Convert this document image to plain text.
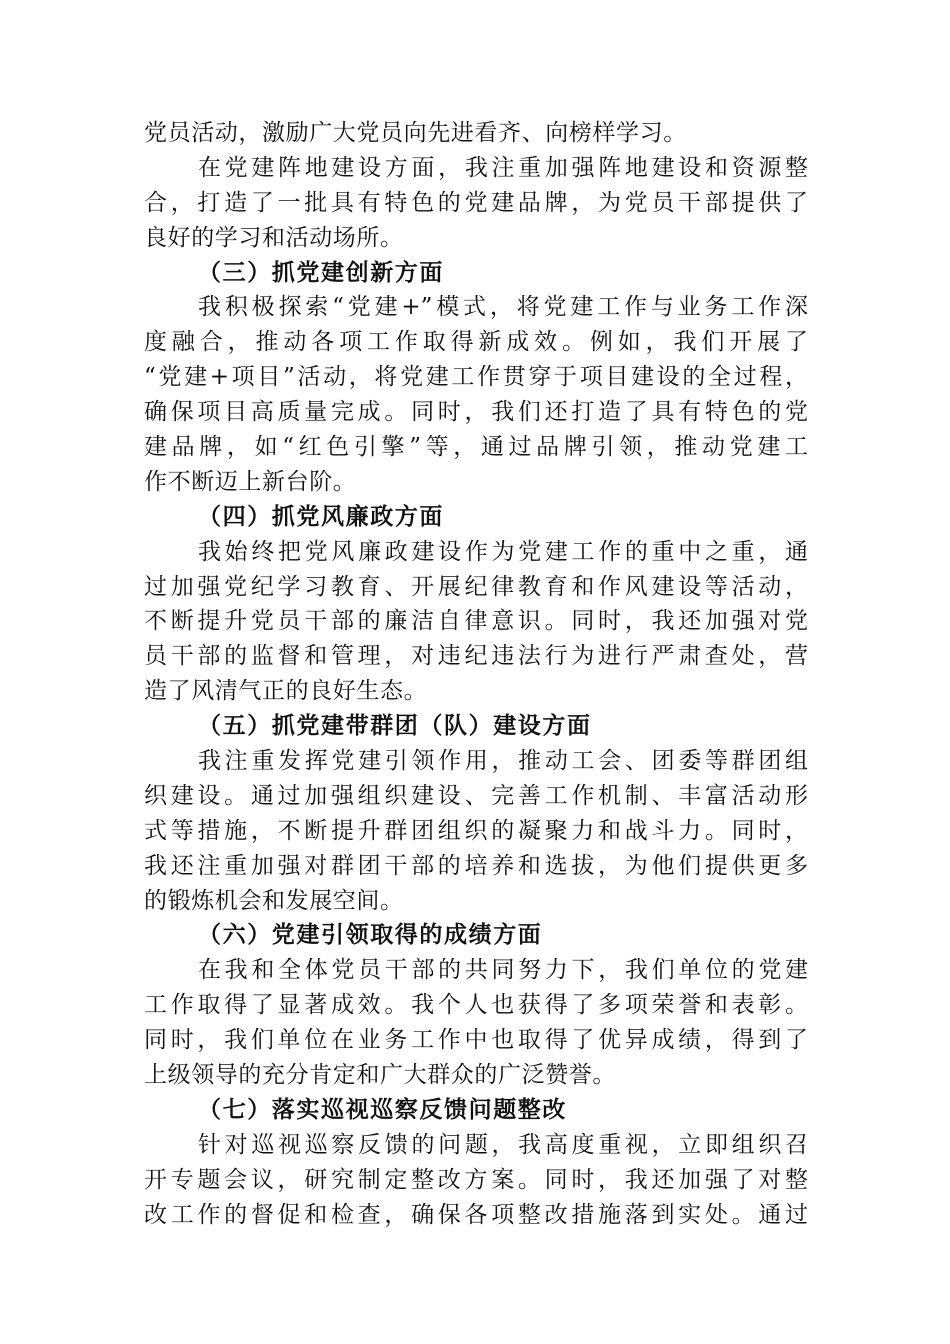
党员活动，激励广大党员向先进看齐、向榜样学习。
在党建阵地建设方面，我注重加强阵地建设和资源整
合，打造了一批具有特色的党建品牌，为党员干部提供了
良好的学习和活动场所。
（三）抓党建创新方面
我积极探索“党建+”模式，将党建工作与业务工作深
度融合，推动各项工作取得新成效。例如，我们开展了
“党建+项目”活动，将党建工作贯穿于项目建设的全过程，
确保项目高质量完成。同时，我们还打造了具有特色的党
建品牌，如“红色引擎”等，通过品牌引领，推动党建工
作不断迈上新台阶。
（四）抓党风廉政方面
我始终把党风廉政建设作为党建工作的重中之重，通
过加强党纪学习教育、开展纪律教育和作风建设等活动，
不断提升党员干部的廉洁自律意识。同时，我还加强对党
员干部的监督和管理，对违纪违法行为进行严肃查处，营
造了风清气正的良好生态。
（五）抓党建带群团（队）建设方面
我注重发挥党建引领作用，推动工会、团委等群团组
织建设。通过加强组织建设、完善工作机制、丰富活动形
式等措施，不断提升群团组织的凝聚力和战斗力。同时，
我还注重加强对群团干部的培养和选拔，为他们提供更多
的锻炼机会和发展空间。
（六）党建引领取得的成绩方面
在我和全体党员干部的共同努力下，我们单位的党建
工作取得了显著成效。我个人也获得了多项荣誉和表彰。
同时，我们单位在业务工作中也取得了优异成绩，得到了
上级领导的充分肯定和广大群众的广泛赞誉。
（七）落实巡视巡察反馈问题整改
针对巡视巡察反馈的问题，我高度重视，立即组织召
开专题会议，研究制定整改方案。同时，我还加强了对整
改工作的督促和检查，确保各项整改措施落到实处。通过
